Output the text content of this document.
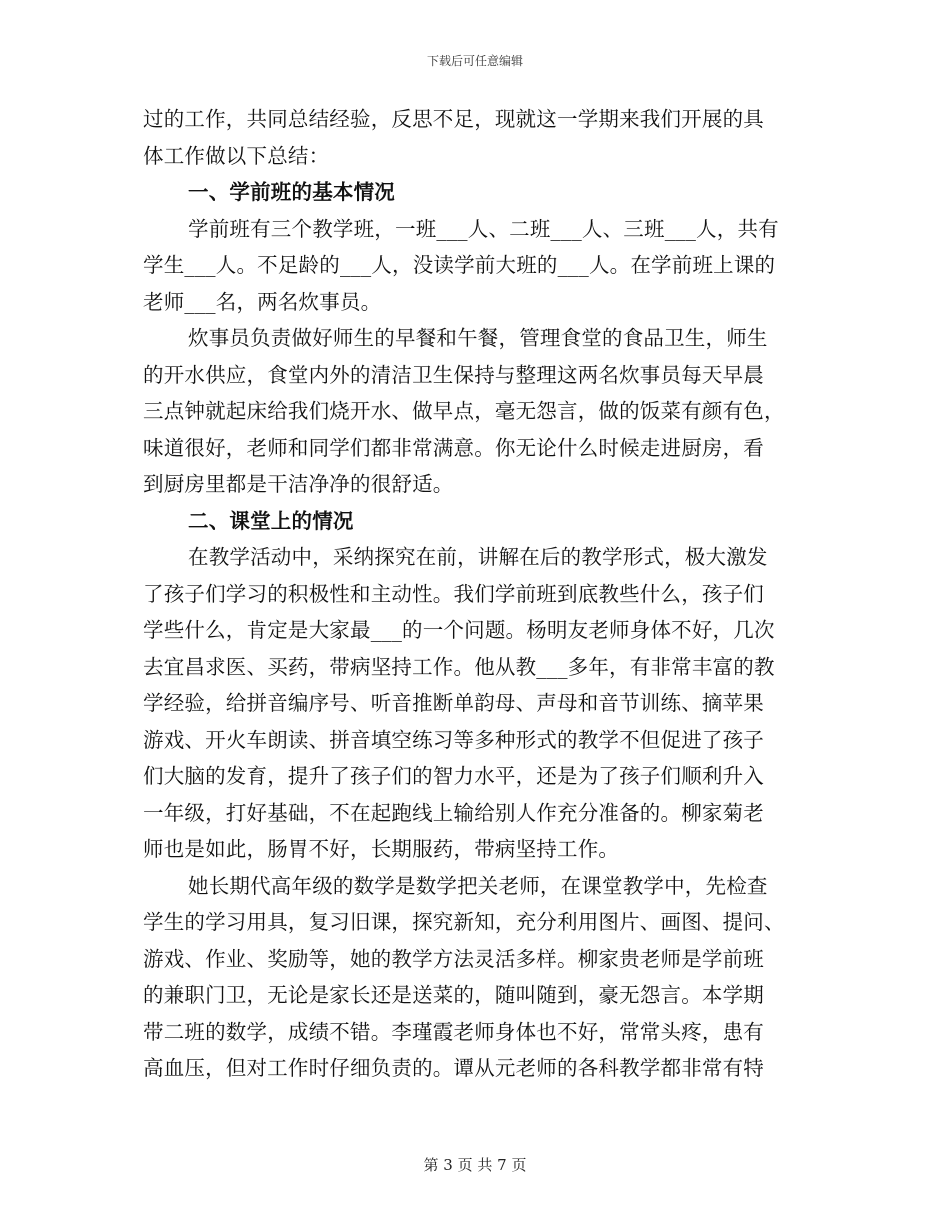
下载后可任意编辑
过的工作，共同总结经验，反思不足，现就这一学期来我们开展的具
体工作做以下总结：
一、学前班的基本情况
学前班有三个教学班，一班___人、二班___人、三班___人，共有
学生___人。不足龄的___人，没读学前大班的___人。在学前班上课的
老师___名，两名炊事员。
炊事员负责做好师生的早餐和午餐，管理食堂的食品卫生，师生
的开水供应，食堂内外的清洁卫生保持与整理这两名炊事员每天早晨
三点钟就起床给我们烧开水、做早点，毫无怨言，做的饭菜有颜有色，
味道很好，老师和同学们都非常满意。你无论什么时候走进厨房，看
到厨房里都是干洁净净的很舒适。
二、课堂上的情况
在教学活动中，采纳探究在前，讲解在后的教学形式，极大激发
了孩子们学习的积极性和主动性。我们学前班到底教些什么，孩子们
学些什么，肯定是大家最___的一个问题。杨明友老师身体不好，几次
去宜昌求医、买药，带病坚持工作。他从教___多年，有非常丰富的教
学经验，给拼音编序号、听音推断单韵母、声母和音节训练、摘苹果
游戏、开火车朗读、拼音填空练习等多种形式的教学不但促进了孩子
们大脑的发育，提升了孩子们的智力水平，还是为了孩子们顺利升入
一年级，打好基础，不在起跑线上输给别人作充分准备的。柳家菊老
师也是如此，肠胃不好，长期服药，带病坚持工作。
她长期代高年级的数学是数学把关老师，在课堂教学中，先检查
学生的学习用具，复习旧课，探究新知，充分利用图片、画图、提问、
游戏、作业、奖励等，她的教学方法灵活多样。柳家贵老师是学前班
的兼职门卫，无论是家长还是送菜的，随叫随到，豪无怨言。本学期
带二班的数学，成绩不错。李瑾霞老师身体也不好，常常头疼，患有
高血压，但对工作时仔细负责的。谭从元老师的各科教学都非常有特
第 3 页 共 7 页
